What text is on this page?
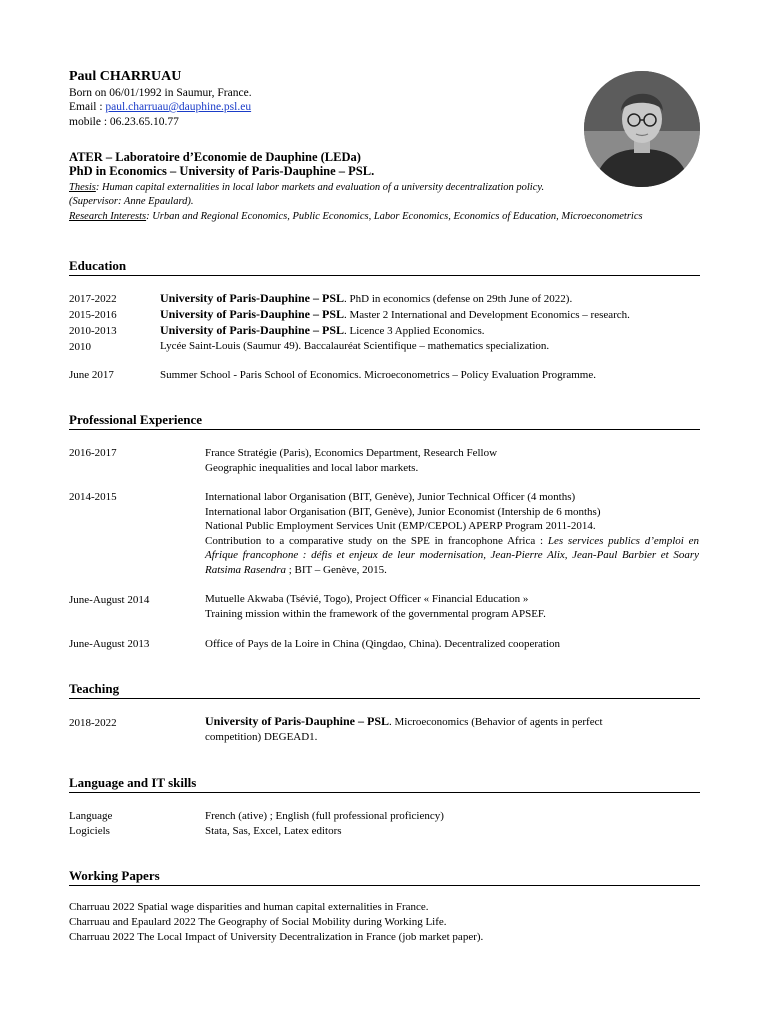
Paul CHARRUAU
Born on 06/01/1992 in Saumur, France.
Email : paul.charruau@dauphine.psl.eu
mobile : 06.23.65.10.77
ATER – Laboratoire d’Economie de Dauphine (LEDa)
PhD in Economics – University of Paris-Dauphine – PSL.
Thesis: Human capital externalities in local labor markets and evaluation of a university decentralization policy.
(Supervisor: Anne Epaulard).
Research Interests: Urban and Regional Economics, Public Economics, Labor Economics, Economics of Education, Microeconometrics
Education
2017-2022	University of Paris-Dauphine – PSL. PhD in economics (defense on 29th June of 2022).
2015-2016	University of Paris-Dauphine – PSL. Master 2 International and Development Economics – research.
2010-2013	University of Paris-Dauphine – PSL. Licence 3 Applied Economics.
2010	Lycée Saint-Louis (Saumur 49). Baccalauréat Scientifique – mathematics specialization.
June 2017	Summer School - Paris School of Economics. Microeconometrics – Policy Evaluation Programme.
Professional Experience
2016-2017	France Stratégie (Paris), Economics Department, Research Fellow
Geographic inequalities and local labor markets.
2014-2015	International labor Organisation (BIT, Genève), Junior Technical Officer (4 months)
International labor Organisation (BIT, Genève), Junior Economist (Intership de 6 months)
National Public Employment Services Unit (EMP/CEPOL) APERP Program 2011-2014.
Contribution to a comparative study on the SPE in francophone Africa : Les services publics d’emploi en Afrique francophone : défis et enjeux de leur modernisation, Jean-Pierre Alix, Jean-Paul Barbier et Soary Ratsima Rasendra ; BIT – Genève, 2015.
June-August 2014	Mutuelle Akwaba (Tsévié, Togo), Project Officer « Financial Education »
Training mission within the framework of the governmental program APSEF.
June-August 2013	Office of Pays de la Loire in China (Qingdao, China). Decentralized cooperation
Teaching
2018-2022	University of Paris-Dauphine – PSL. Microeconomics (Behavior of agents in perfect competition) DEGEAD1.
Language and IT skills
Language	French (ative) ; English (full professional proficiency)
Logiciels	Stata, Sas, Excel, Latex editors
Working Papers
Charruau 2022 Spatial wage disparities and human capital externalities in France.
Charruau and Epaulard 2022 The Geography of Social Mobility during Working Life.
Charruau 2022 The Local Impact of University Decentralization in France (job market paper).
